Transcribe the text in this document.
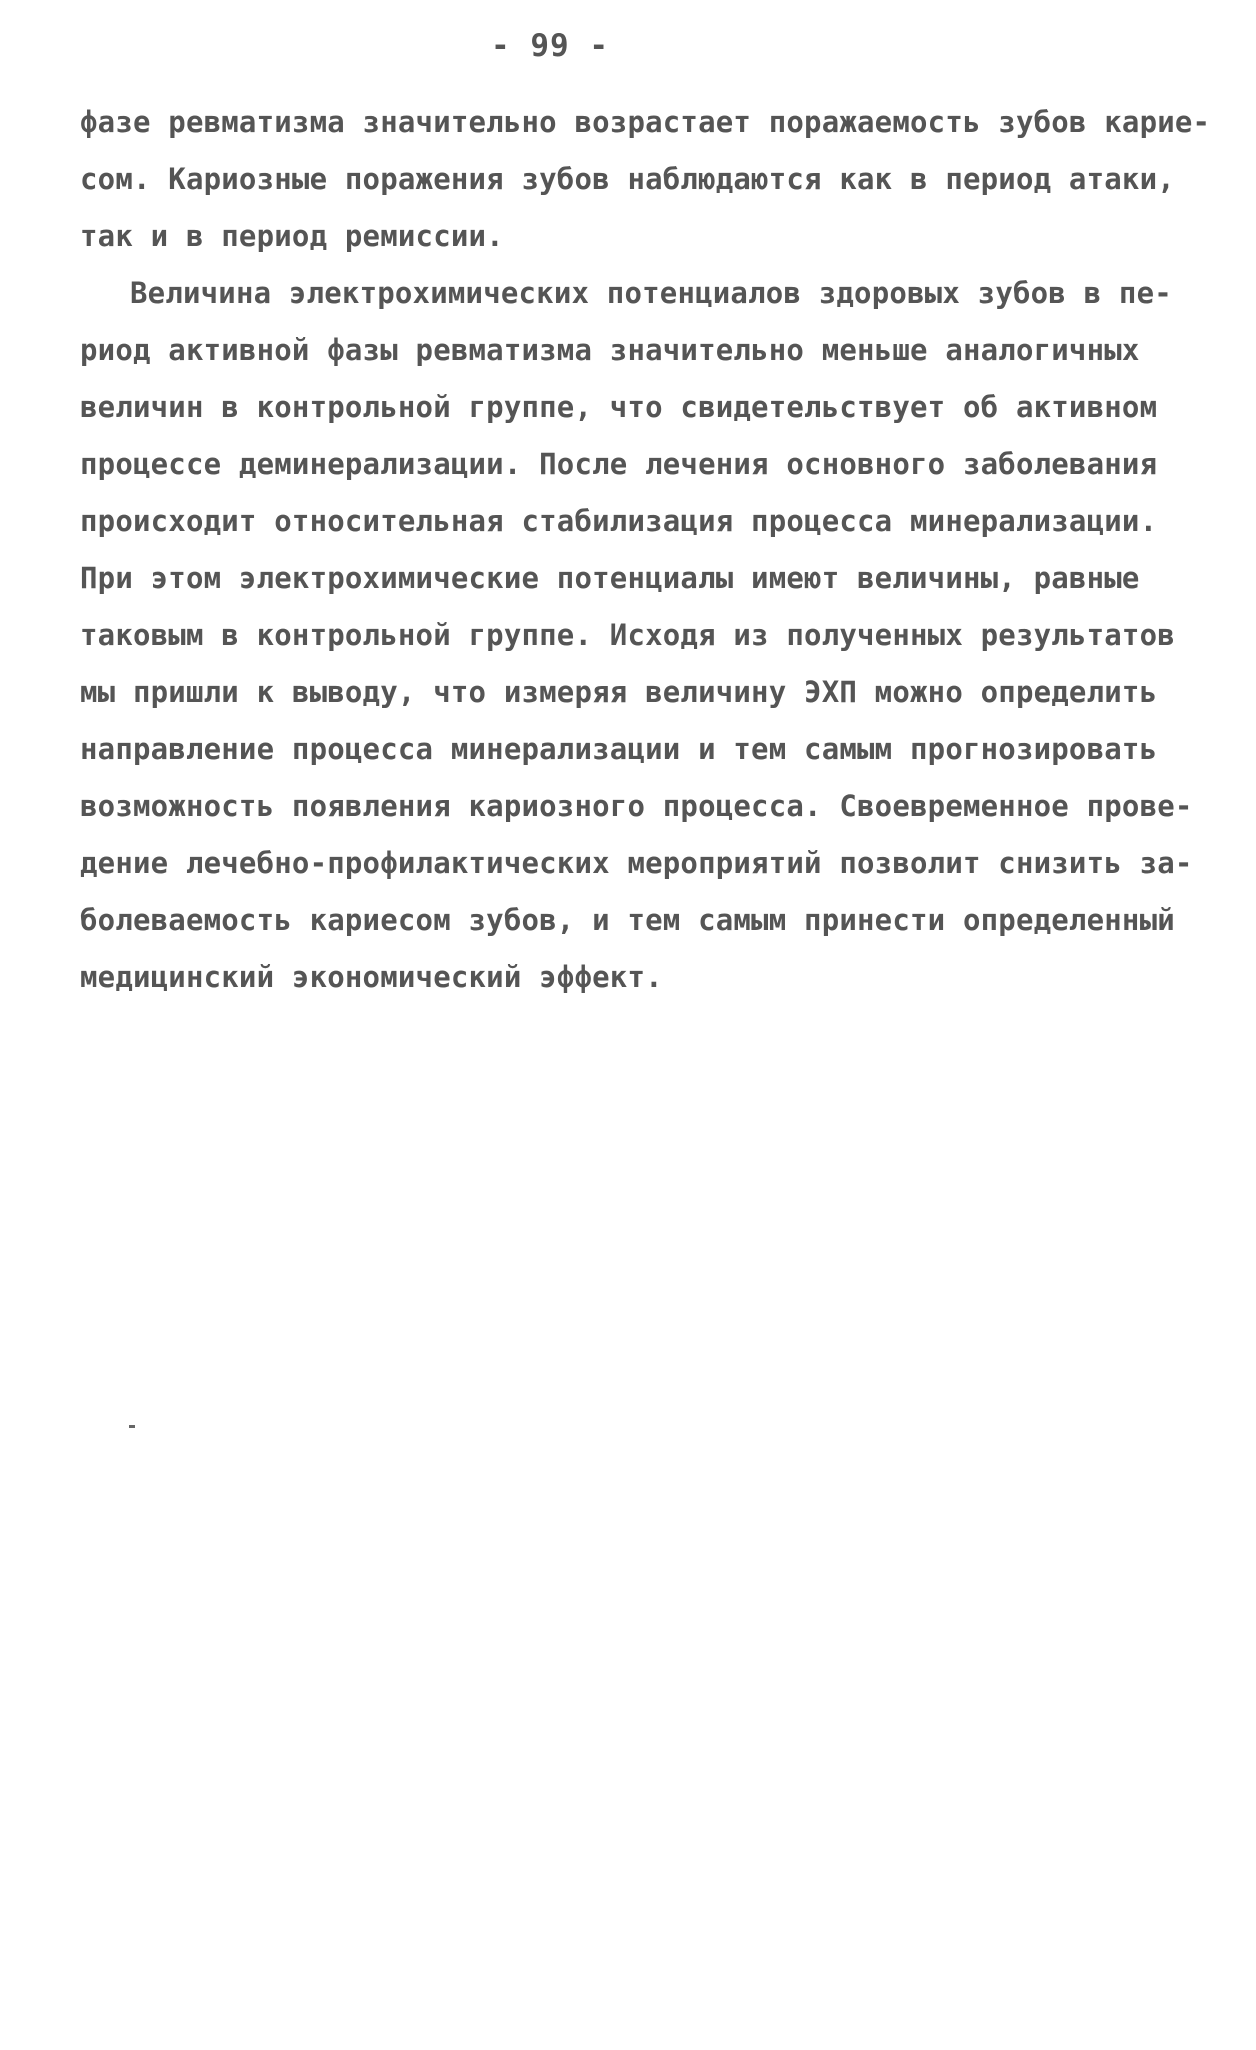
- 99 -
фазе ревматизма значительно возрастает поражаемость зубов карие-
сом. Кариозные поражения зубов наблюдаются как в период атаки,
так и в период ремиссии.
Величина электрохимических потенциалов здоровых зубов в пе-
риод активной фазы ревматизма значительно меньше аналогичных
величин в контрольной группе, что свидетельствует об активном
процессе деминерализации. После лечения основного заболевания
происходит относительная стабилизация процесса минерализации.
При этом электрохимические потенциалы имеют величины, равные
таковым в контрольной группе. Исходя из полученных результатов
мы пришли к выводу, что измеряя величину ЭХП можно определить
направление процесса минерализации и тем самым прогнозировать
возможность появления кариозного процесса. Своевременное прове-
дение лечебно-профилактических мероприятий позволит снизить за-
болеваемость кариесом зубов, и тем самым принести определенный
медицинский экономический эффект.
